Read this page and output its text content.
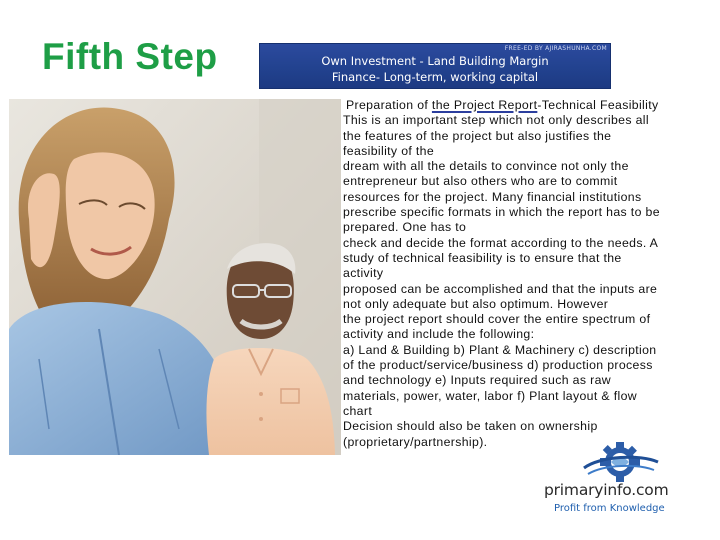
Fifth Step	FREE-ED BY AJIRASHUNHA.COM
Own Investment - Land Building Margin
Finance- Long-term, working capital
Preparation of the Project Report-Technical Feasibility
This is an important step which not only describes all
the features of the project but also justifies the
feasibility of the
dream with all the details to convince not only the
entrepreneur but also others who are to commit
resources for the project. Many financial institutions
prescribe specific formats in which the report has to be
prepared. One has to
check and decide the format according to the needs. A
study of technical feasibility is to ensure that the
activity
proposed can be accomplished and that the inputs are
not only adequate but also optimum. However
the project report should cover the entire spectrum of
activity and include the following:
a) Land & Building b) Plant & Machinery c) description
of the product/service/business d) production process
and technology e) Inputs required such as raw
materials, power, water, labor f) Plant layout & flow
chart
Decision should also be taken on ownership
(proprietary/partnership).
primaryinfo.com
Profit from Knowledge
